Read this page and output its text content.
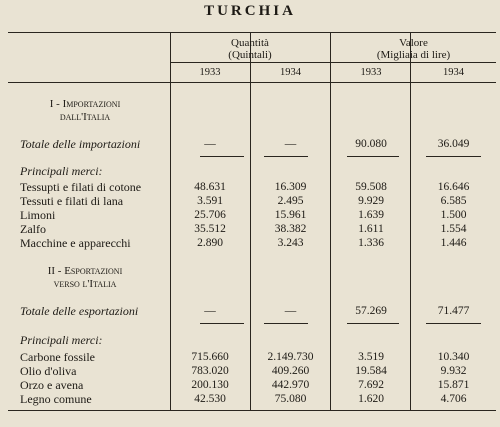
TURCHIA
Quantità
(Quintali)
Valore
(Migliaia di lire)
1933	1934	1933	1934
I - Importazioni
dall'Italia
Totale delle importazioni	—	—	90.080	36.049
Principali merci:
Tessupti e filati di cotone	48.631	16.309	59.508	16.646
Tessuti e filati di lana	3.591	2.495	9.929	6.585
Limoni	25.706	15.961	1.639	1.500
Zalfo	35.512	38.382	1.611	1.554
Macchine e apparecchi	2.890	3.243	1.336	1.446
II - Esportazioni
verso l'Italia
Totale delle esportazioni	—	—	57.269	71.477
Principali merci:
Carbone fossile	715.660	2.149.730	3.519	10.340
Olio d'oliva	783.020	409.260	19.584	9.932
Orzo e avena	200.130	442.970	7.692	15.871
Legno comune	42.530	75.080	1.620	4.706
